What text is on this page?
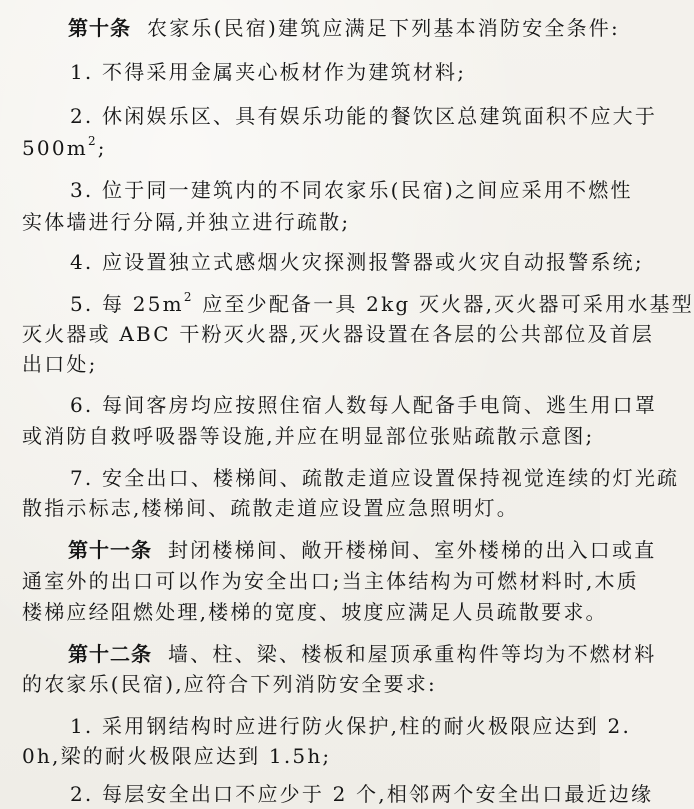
第十条 农家乐(民宿)建筑应满足下列基本消防安全条件:
1. 不得采用金属夹心板材作为建筑材料;
2. 休闲娱乐区、具有娱乐功能的餐饮区总建筑面积不应大于
$500m^2$;
3. 位于同一建筑内的不同农家乐(民宿)之间应采用不燃性
实体墙进行分隔,并独立进行疏散;
4. 应设置独立式感烟火灾探测报警器或火灾自动报警系统;
5. 每 $25m^2$ 应至少配备一具 2kg 灭火器,灭火器可采用水基型
灭火器或 ABC 干粉灭火器,灭火器设置在各层的公共部位及首层
出口处;
6. 每间客房均应按照住宿人数每人配备手电筒、逃生用口罩
或消防自救呼吸器等设施,并应在明显部位张贴疏散示意图;
7. 安全出口、楼梯间、疏散走道应设置保持视觉连续的灯光疏
散指示标志,楼梯间、疏散走道应设置应急照明灯。
第十一条 封闭楼梯间、敞开楼梯间、室外楼梯的出入口或直
通室外的出口可以作为安全出口;当主体结构为可燃材料时,木质
楼梯应经阻燃处理,楼梯的宽度、坡度应满足人员疏散要求。
第十二条 墙、柱、梁、楼板和屋顶承重构件等均为不燃材料
的农家乐(民宿),应符合下列消防安全要求:
1. 采用钢结构时应进行防火保护,柱的耐火极限应达到 2.
0h,梁的耐火极限应达到 1.5h;
2. 每层安全出口不应少于 2 个,相邻两个安全出口最近边缘
